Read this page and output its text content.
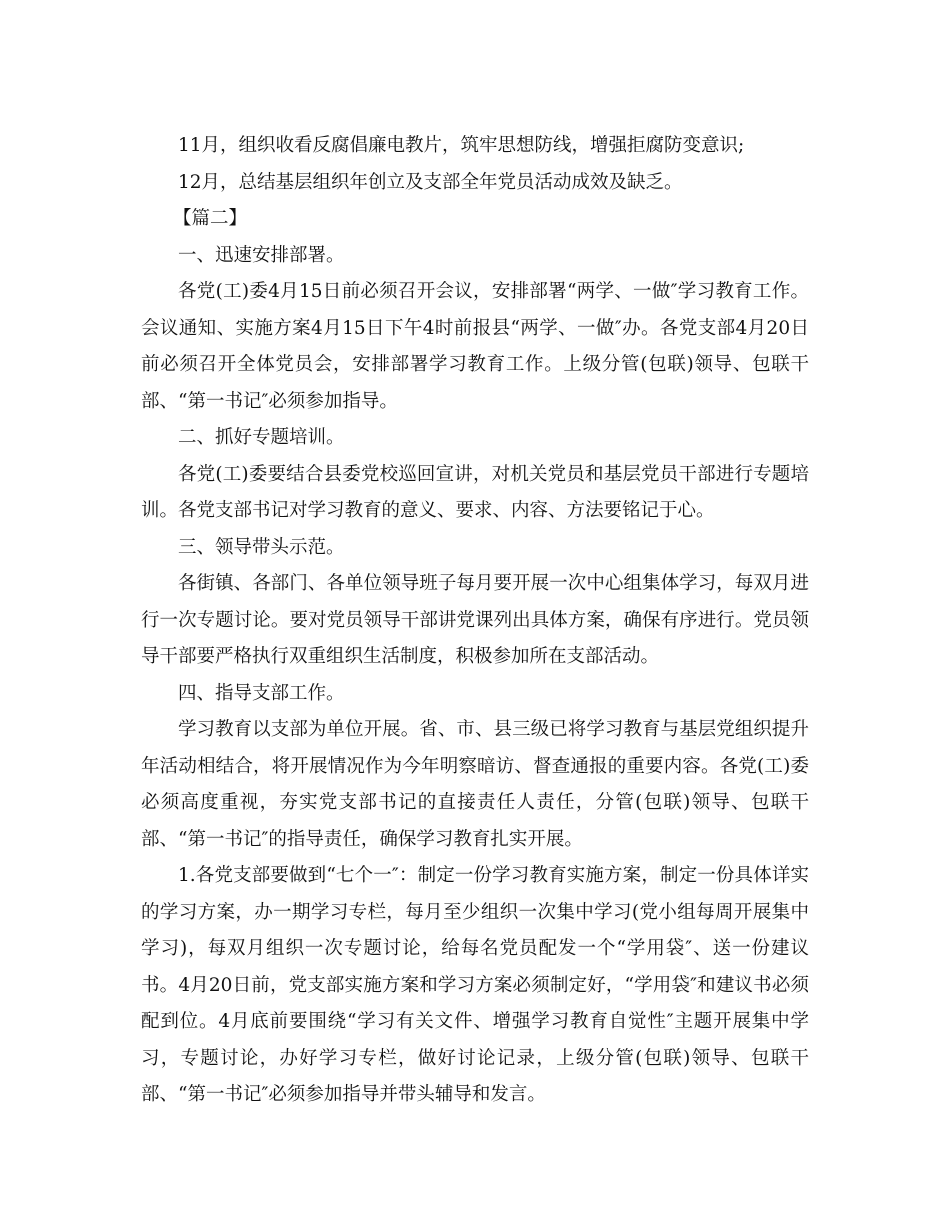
11月，组织收看反腐倡廉电教片，筑牢思想防线，增强拒腐防变意识;

12月，总结基层组织年创立及支部全年党员活动成效及缺乏。

【篇二】

一、迅速安排部署。

各党(工)委4月15日前必须召开会议，安排部署“两学、一做″学习教育工作。会议通知、实施方案4月15日下午4时前报县“两学、一做″办。各党支部4月20日前必须召开全体党员会，安排部署学习教育工作。上级分管(包联)领导、包联干部、“第一书记″必须参加指导。

二、抓好专题培训。

各党(工)委要结合县委党校巡回宣讲，对机关党员和基层党员干部进行专题培训。各党支部书记对学习教育的意义、要求、内容、方法要铭记于心。

三、领导带头示范。

各街镇、各部门、各单位领导班子每月要开展一次中心组集体学习，每双月进行一次专题讨论。要对党员领导干部讲党课列出具体方案，确保有序进行。党员领导干部要严格执行双重组织生活制度，积极参加所在支部活动。

四、指导支部工作。

学习教育以支部为单位开展。省、市、县三级已将学习教育与基层党组织提升年活动相结合，将开展情况作为今年明察暗访、督查通报的重要内容。各党(工)委必须高度重视，夯实党支部书记的直接责任人责任，分管(包联)领导、包联干部、“第一书记″的指导责任，确保学习教育扎实开展。

1.各党支部要做到“七个一″：制定一份学习教育实施方案，制定一份具体详实的学习方案，办一期学习专栏，每月至少组织一次集中学习(党小组每周开展集中学习)，每双月组织一次专题讨论，给每名党员配发一个“学用袋″、送一份建议书。4月20日前，党支部实施方案和学习方案必须制定好，“学用袋″和建议书必须配到位。4月底前要围绕“学习有关文件、增强学习教育自觉性″主题开展集中学习，专题讨论，办好学习专栏，做好讨论记录，上级分管(包联)领导、包联干部、“第一书记″必须参加指导并带头辅导和发言。
